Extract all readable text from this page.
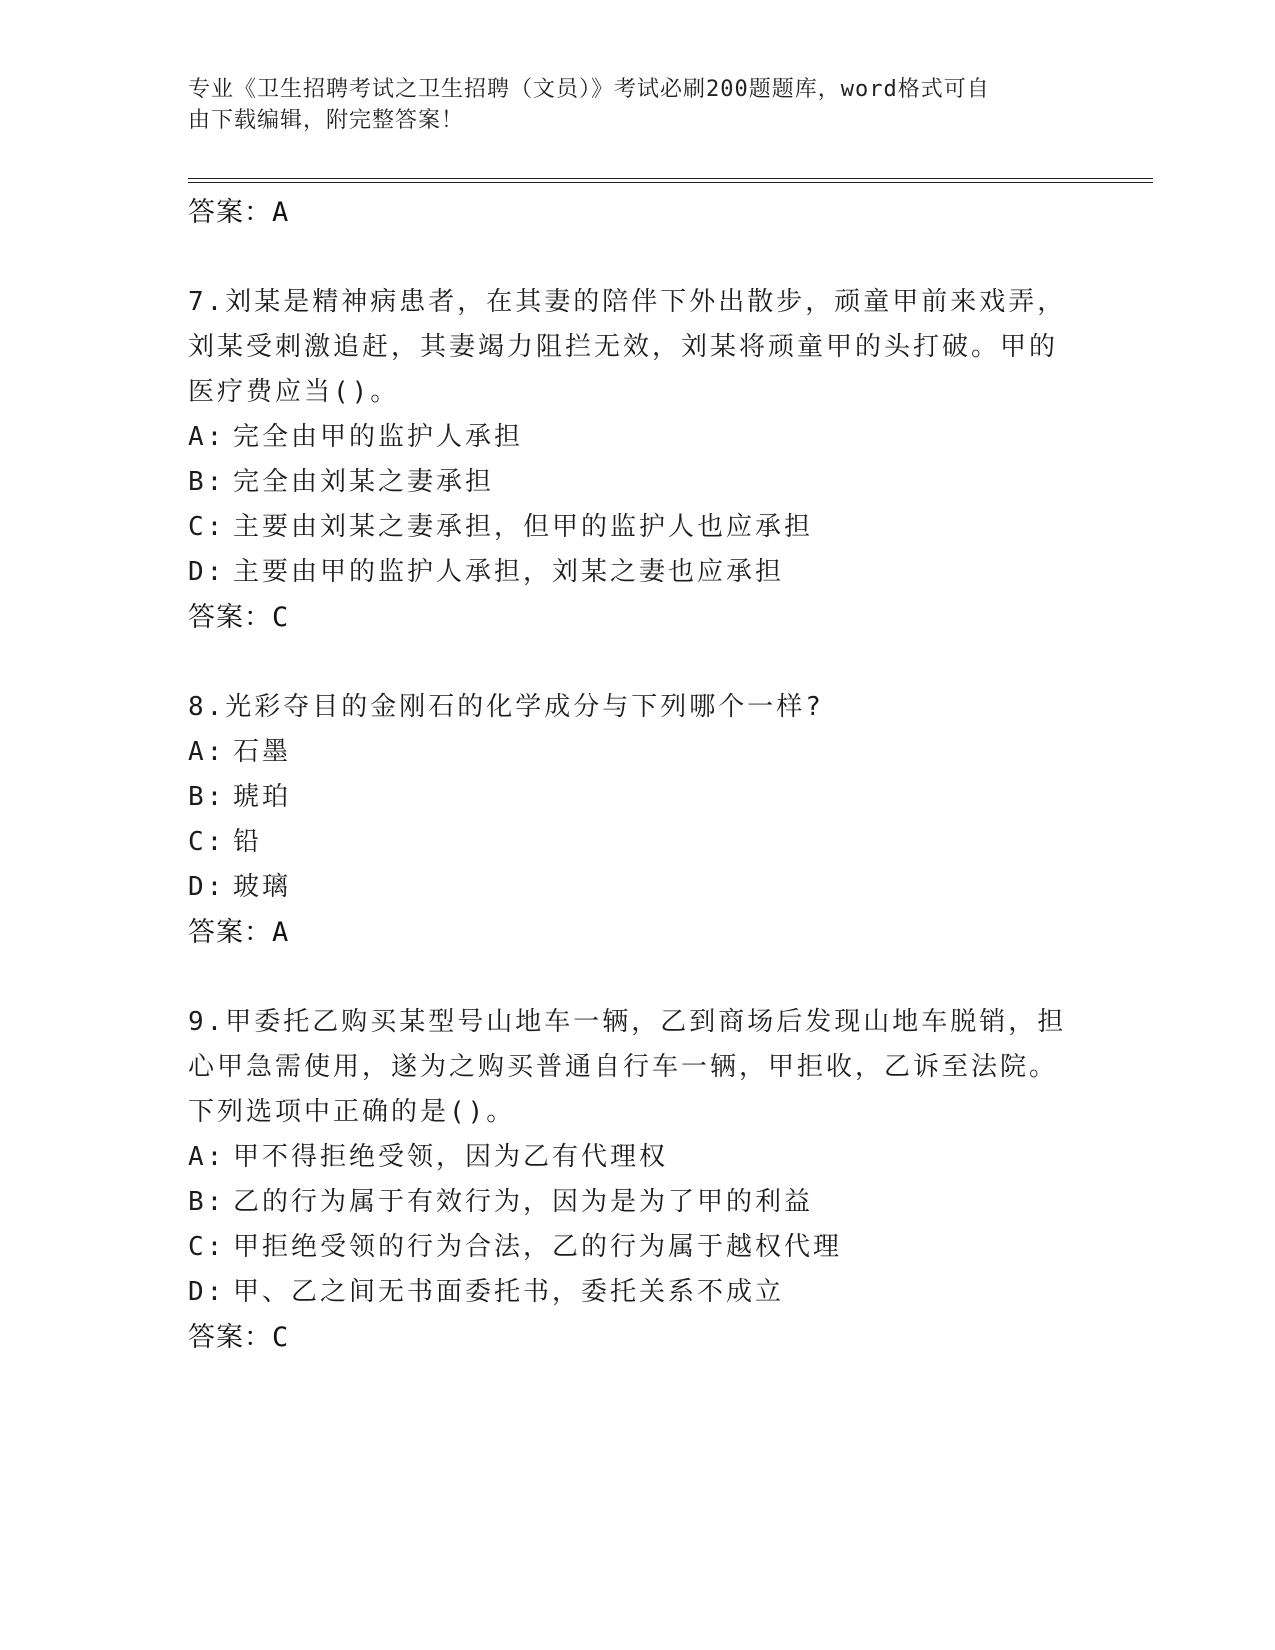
专业《卫生招聘考试之卫生招聘（文员）》考试必刷200题题库，word格式可自
由下载编辑，附完整答案！
答案：A
7.刘某是精神病患者，在其妻的陪伴下外出散步，顽童甲前来戏弄，
刘某受刺激追赶，其妻竭力阻拦无效，刘某将顽童甲的头打破。甲的
医疗费应当()。
A: 完全由甲的监护人承担
B: 完全由刘某之妻承担
C: 主要由刘某之妻承担，但甲的监护人也应承担
D: 主要由甲的监护人承担，刘某之妻也应承担
答案：C
8.光彩夺目的金刚石的化学成分与下列哪个一样?
A: 石墨
B: 琥珀
C: 铅
D: 玻璃
答案：A
9.甲委托乙购买某型号山地车一辆，乙到商场后发现山地车脱销，担
心甲急需使用，遂为之购买普通自行车一辆，甲拒收，乙诉至法院。
下列选项中正确的是()。
A: 甲不得拒绝受领，因为乙有代理权
B: 乙的行为属于有效行为，因为是为了甲的利益
C: 甲拒绝受领的行为合法，乙的行为属于越权代理
D: 甲、乙之间无书面委托书，委托关系不成立
答案：C
